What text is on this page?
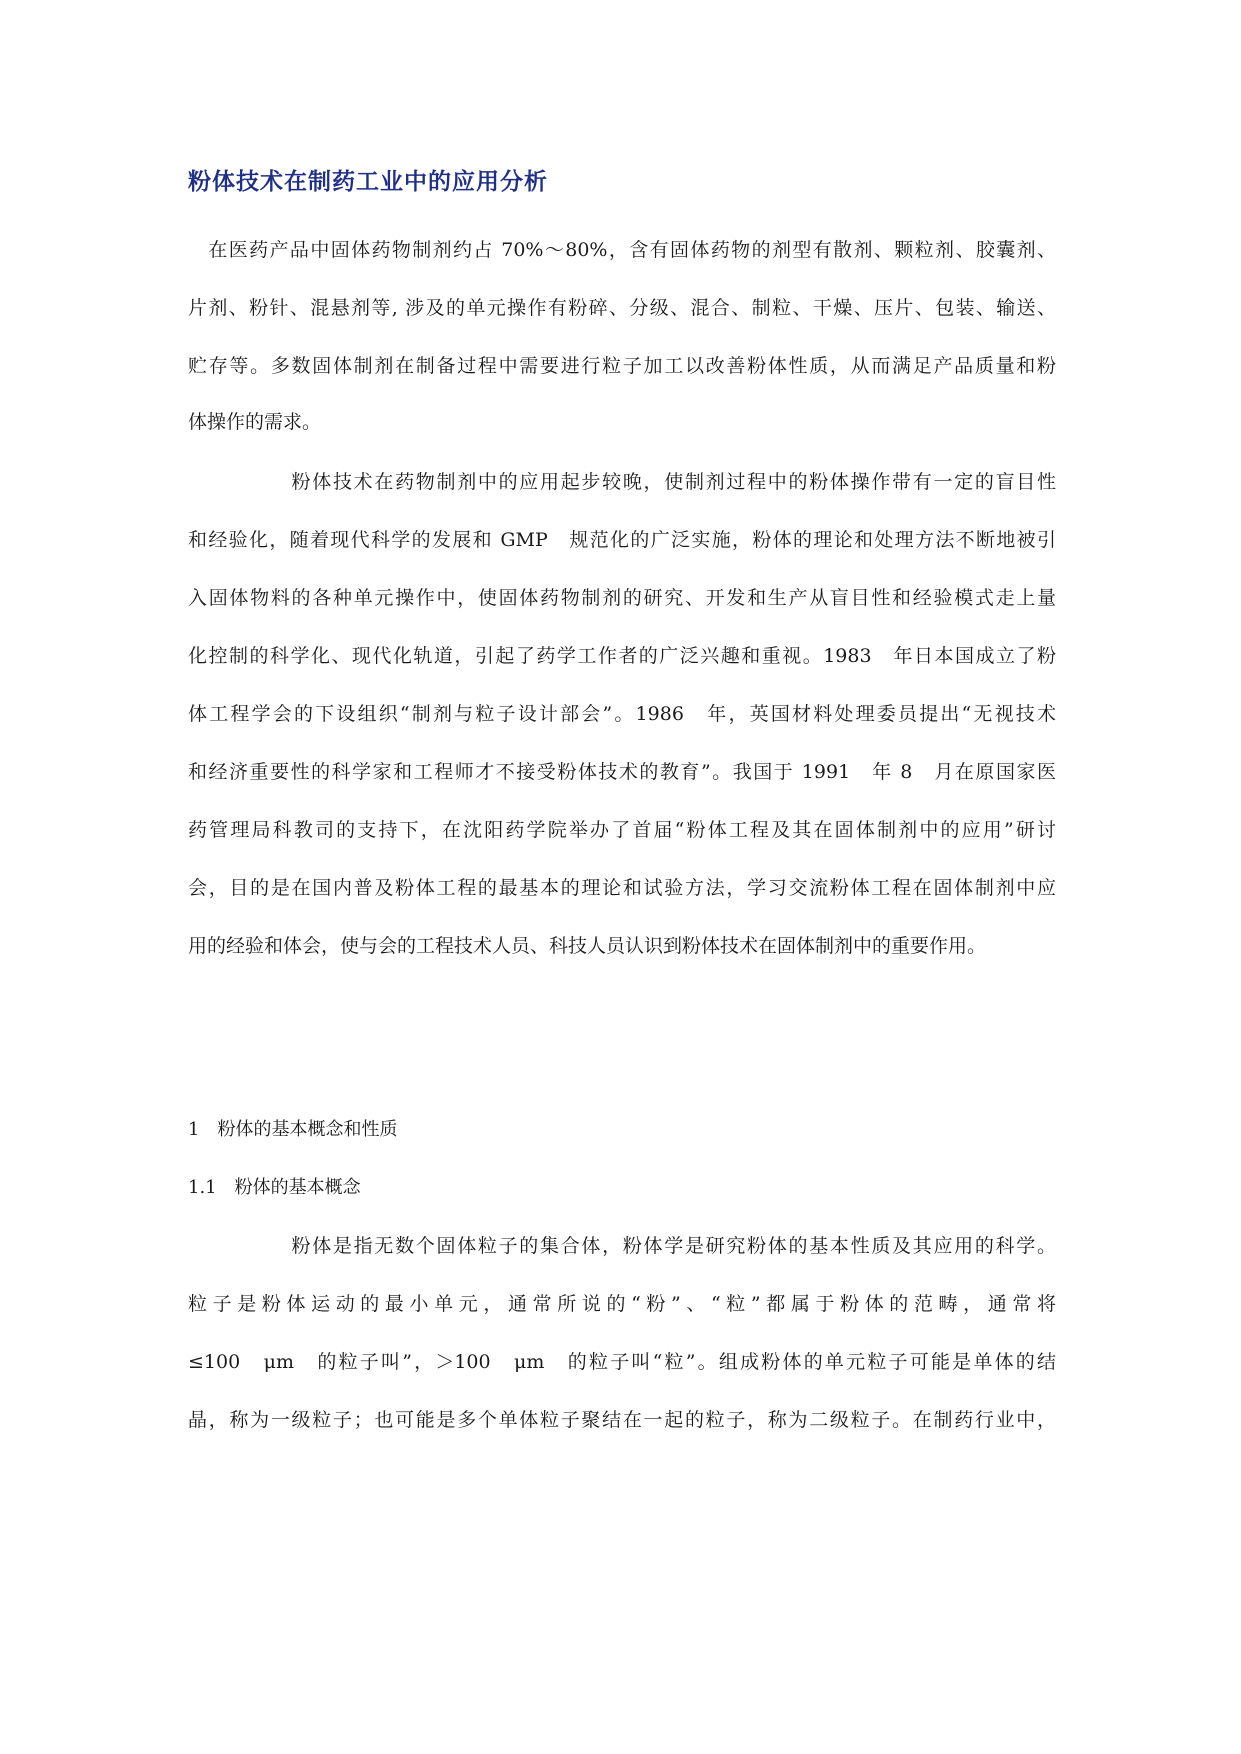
粉体技术在制药工业中的应用分析

　在医药产品中固体药物制剂约占 70%～80%，含有固体药物的剂型有散剂、颗粒剂、胶囊剂、

片剂、粉针、混悬剂等, 涉及的单元操作有粉碎、分级、混合、制粒、干燥、压片、包装、输送、

贮存等。多数固体制剂在制备过程中需要进行粒子加工以改善粉体性质，从而满足产品质量和粉

体操作的需求。

　　　　　粉体技术在药物制剂中的应用起步较晚，使制剂过程中的粉体操作带有一定的盲目性

和经验化，随着现代科学的发展和 GMP　规范化的广泛实施，粉体的理论和处理方法不断地被引

入固体物料的各种单元操作中，使固体药物制剂的研究、开发和生产从盲目性和经验模式走上量

化控制的科学化、现代化轨道，引起了药学工作者的广泛兴趣和重视。1983　年日本国成立了粉

体工程学会的下设组织“制剂与粒子设计部会”。1986　年，英国材料处理委员提出“无视技术

和经济重要性的科学家和工程师才不接受粉体技术的教育”。我国于 1991　年 8　月在原国家医

药管理局科教司的支持下，在沈阳药学院举办了首届“粉体工程及其在固体制剂中的应用”研讨

会，目的是在国内普及粉体工程的最基本的理论和试验方法，学习交流粉体工程在固体制剂中应

用的经验和体会，使与会的工程技术人员、科技人员认识到粉体技术在固体制剂中的重要作用。

1　粉体的基本概念和性质

1.1　粉体的基本概念

　　　　　粉体是指无数个固体粒子的集合体，粉体学是研究粉体的基本性质及其应用的科学。

粒子是粉体运动的最小单元，通常所说的“粉”、“粒”都属于粉体的范畴，通常将

≤100　μm　的粒子叫”，＞100　μm　的粒子叫“粒”。组成粉体的单元粒子可能是单体的结

晶，称为一级粒子；也可能是多个单体粒子聚结在一起的粒子，称为二级粒子。在制药行业中，
